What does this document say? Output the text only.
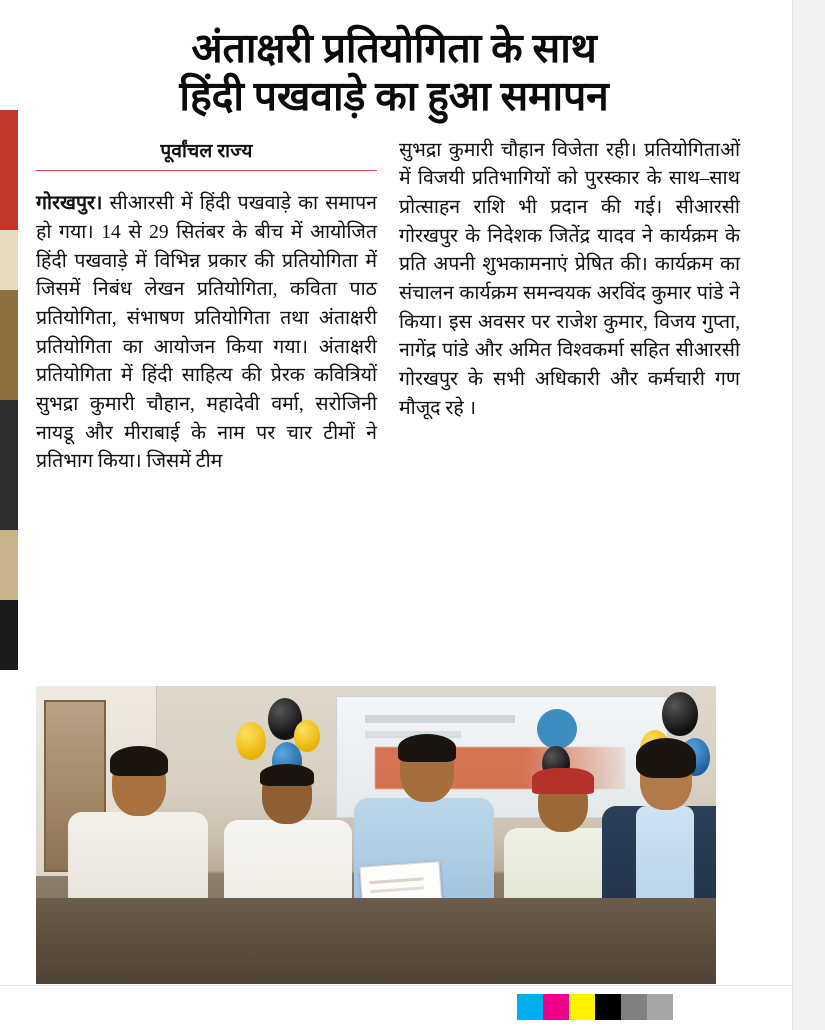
अंताक्षरी प्रतियोगिता के साथ
हिंदी पखवाड़े का हुआ समापन
पूर्वांचल राज्य

गोरखपुर। सीआरसी में हिंदी पखवाड़े का समापन हो गया। 14 से 29 सितंबर के बीच में आयोजित हिंदी पखवाड़े में विभिन्न प्रकार की प्रतियोगिता में जिसमें निबंध लेखन प्रतियोगिता, कविता पाठ प्रतियोगिता, संभाषण प्रतियोगिता तथा अंताक्षरी प्रतियोगिता का आयोजन किया गया। अंताक्षरी प्रतियोगिता में हिंदी साहित्य की प्रेरक कवित्रियों सुभद्रा कुमारी चौहान, महादेवी वर्मा, सरोजिनी नायडू और मीराबाई के नाम पर चार टीमों ने प्रतिभाग किया। जिसमें टीम

सुभद्रा कुमारी चौहान विजेता रही। प्रतियोगिताओं में विजयी प्रतिभागियों को पुरस्कार के साथ–साथ प्रोत्साहन राशि भी प्रदान की गई। सीआरसी गोरखपुर के निदेशक जितेंद्र यादव ने कार्यक्रम के प्रति अपनी शुभकामनाएं प्रेषित की। कार्यक्रम का संचालन कार्यक्रम समन्वयक अरविंद कुमार पांडे ने किया। इस अवसर पर राजेश कुमार, विजय गुप्ता, नागेंद्र पांडे और अमित विश्वकर्मा सहित सीआरसी गोरखपुर के सभी अधिकारी और कर्मचारी गण मौजूद रहे ।
